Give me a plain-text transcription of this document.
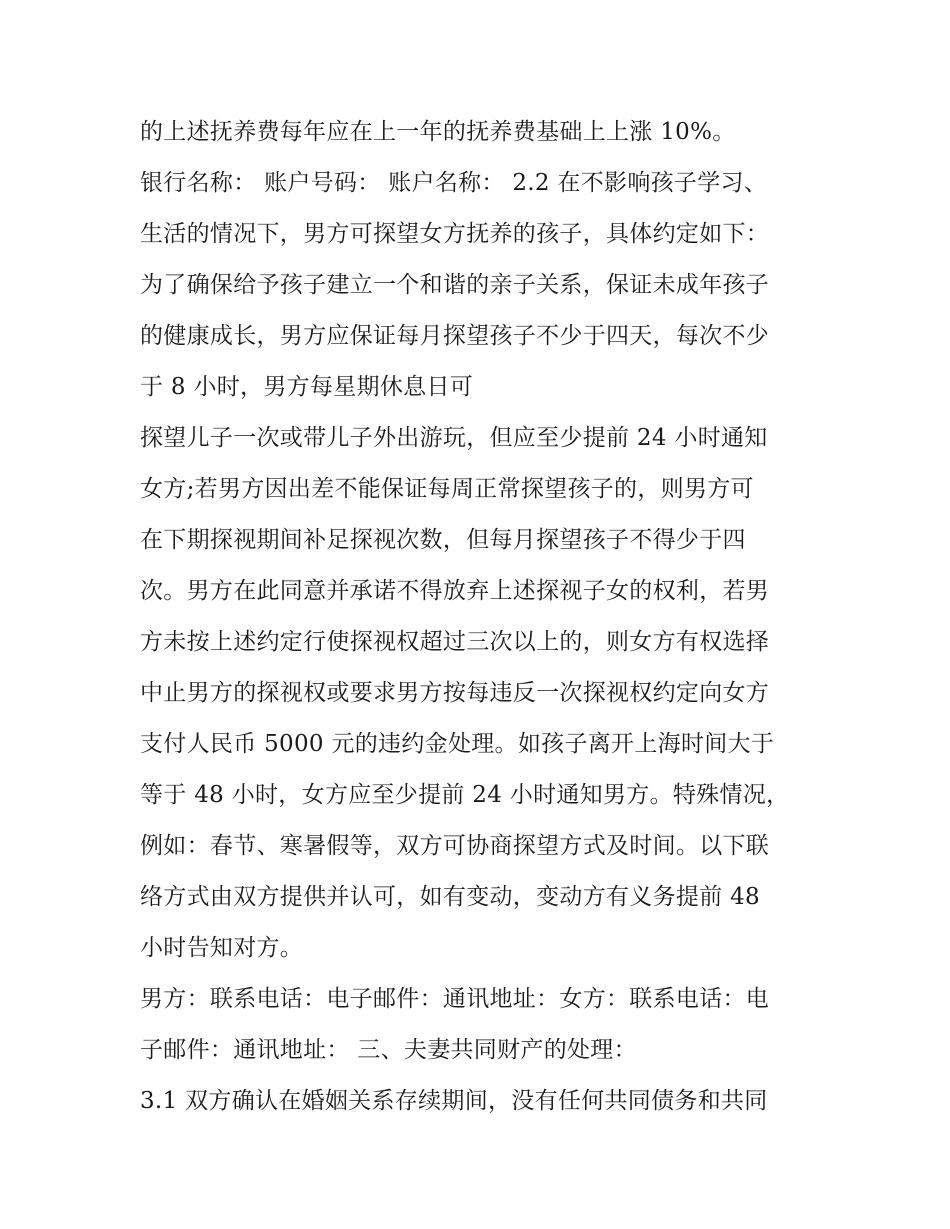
的上述抚养费每年应在上一年的抚养费基础上上涨 10%。
银行名称： 账户号码： 账户名称： 2.2 在不影响孩子学习、
生活的情况下，男方可探望女方抚养的孩子，具体约定如下：
为了确保给予孩子建立一个和谐的亲子关系，保证未成年孩子
的健康成长，男方应保证每月探望孩子不少于四天，每次不少
于 8 小时，男方每星期休息日可
探望儿子一次或带儿子外出游玩，但应至少提前 24 小时通知
女方;若男方因出差不能保证每周正常探望孩子的，则男方可
在下期探视期间补足探视次数，但每月探望孩子不得少于四
次。男方在此同意并承诺不得放弃上述探视子女的权利，若男
方未按上述约定行使探视权超过三次以上的，则女方有权选择
中止男方的探视权或要求男方按每违反一次探视权约定向女方
支付人民币 5000 元的违约金处理。如孩子离开上海时间大于
等于 48 小时，女方应至少提前 24 小时通知男方。特殊情况，
例如：春节、寒暑假等，双方可协商探望方式及时间。以下联
络方式由双方提供并认可，如有变动，变动方有义务提前 48
小时告知对方。
男方：联系电话：电子邮件：通讯地址：女方：联系电话：电
子邮件：通讯地址： 三、夫妻共同财产的处理：
3.1 双方确认在婚姻关系存续期间，没有任何共同债务和共同
